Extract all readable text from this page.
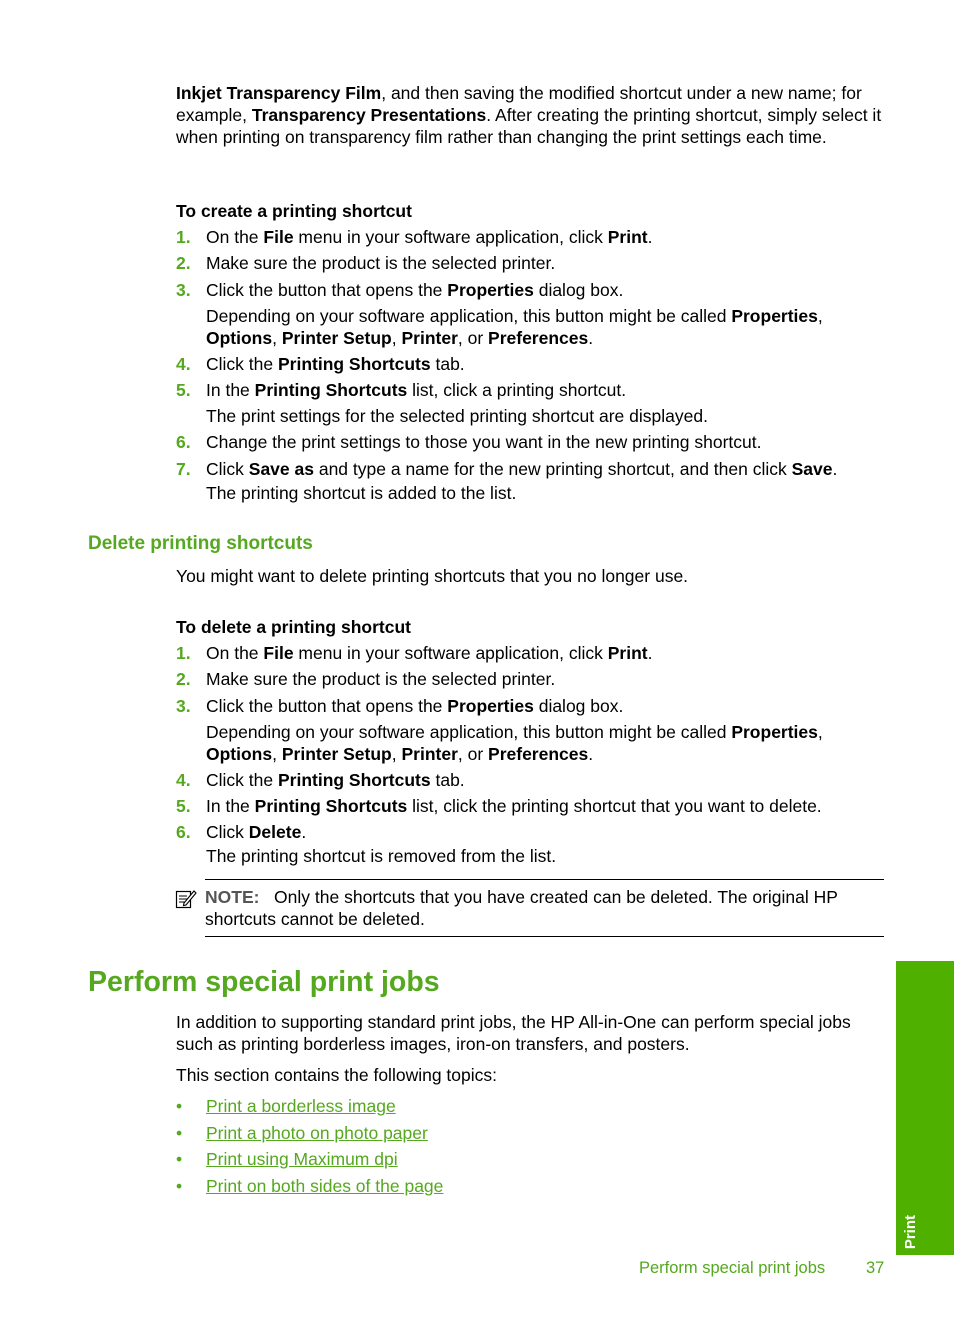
Inkjet Transparency Film, and then saving the modified shortcut under a new name; for example, Transparency Presentations. After creating the printing shortcut, simply select it when printing on transparency film rather than changing the print settings each time.

To create a printing shortcut
1. On the File menu in your software application, click Print.
2. Make sure the product is the selected printer.
3. Click the button that opens the Properties dialog box.
Depending on your software application, this button might be called Properties, Options, Printer Setup, Printer, or Preferences.
4. Click the Printing Shortcuts tab.
5. In the Printing Shortcuts list, click a printing shortcut.
The print settings for the selected printing shortcut are displayed.
6. Change the print settings to those you want in the new printing shortcut.
7. Click Save as and type a name for the new printing shortcut, and then click Save.
The printing shortcut is added to the list.
Delete printing shortcuts

You might want to delete printing shortcuts that you no longer use.

To delete a printing shortcut
1. On the File menu in your software application, click Print.
2. Make sure the product is the selected printer.
3. Click the button that opens the Properties dialog box.
Depending on your software application, this button might be called Properties, Options, Printer Setup, Printer, or Preferences.
4. Click the Printing Shortcuts tab.
5. In the Printing Shortcuts list, click the printing shortcut that you want to delete.
6. Click Delete.
The printing shortcut is removed from the list.
NOTE: Only the shortcuts that you have created can be deleted. The original HP shortcuts cannot be deleted.
Perform special print jobs

In addition to supporting standard print jobs, the HP All-in-One can perform special jobs such as printing borderless images, iron-on transfers, and posters.

This section contains the following topics:

• Print a borderless image
• Print a photo on photo paper
• Print using Maximum dpi
• Print on both sides of the page
Print
Perform special print jobs 37
